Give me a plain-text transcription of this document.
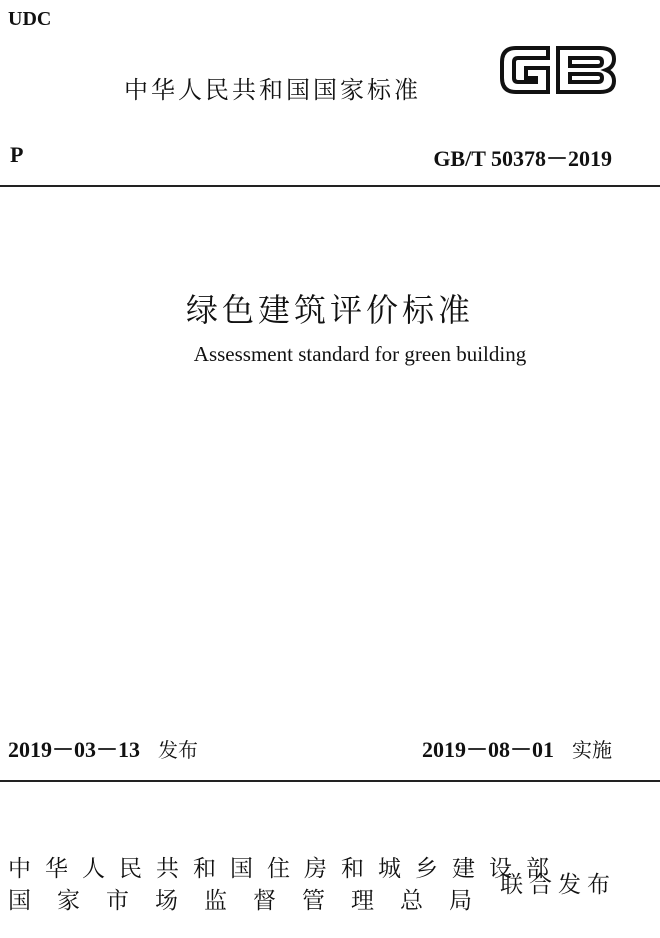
UDC
中华人民共和国国家标准
P	GB/T 50378－2019
绿色建筑评价标准
Assessment standard for green building
2019－03－13 发布	2019－08－01 实施
中华人民共和国住房和城乡建设部
国家市场监督管理总局
联合发布
